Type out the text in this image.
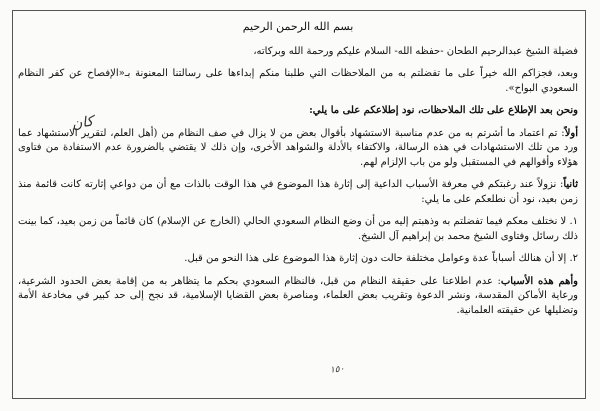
بسم الله الرحمن الرحيم
فضيلة الشيخ عبدالرحيم الطحان -حفظه الله- السلام عليكم ورحمة الله وبركاته،
وبعد، فجزاكم الله خيراً على ما تفضلتم به من الملاحظات التي طلبنا منكم إبداءها على رسالتنا المعنونة بـ«الإفصاح عن كفر النظام السعودي البواح».
ونحن بعد الإطلاع على تلك الملاحظات، نود إطلاعكم على ما يلي:
أولاً: تم اعتماد ما أشرتم به من عدم مناسبة الاستشهاد بأقوال بعض من لا يزال في صف النظام من (أهل العلم، لتقرير الاستشهاد عما ورد من تلك الاستشهادات في هذه الرسالة، والاكتفاء بالأدلة والشواهد الأخرى، وإن ذلك لا يقتضي بالضرورة عدم الاستفادة من فتاوى هؤلاء وأقوالهم في المستقبل ولو من باب الإلزام لهم.
ثانياً: نزولاً عند رغبتكم في معرفة الأسباب الداعية إلى إثارة هذا الموضوع في هذا الوقت بالذات مع أن من دواعي إثارته كانت قائمة منذ زمن بعيد، نود أن نطلعكم على ما يلي:
١. لا نختلف معكم فيما تفضلتم به وذهبتم إليه من أن وضع النظام السعودي الحالي (الخارج عن الإسلام) كان قائماً من زمن بعيد، كما بينت ذلك رسائل وفتاوى الشيخ محمد بن إبراهيم آل الشيخ.
٢. إلا أن هنالك أسباباً عدة وعوامل مختلفة حالت دون إثارة هذا الموضوع على هذا النحو من قبل.
وأهم هذه الأسباب: عدم اطلاعنا على حقيقة النظام من قبل، فالنظام السعودي بحكم ما يتظاهر به من إقامة بعض الحدود الشرعية، ورعاية الأماكن المقدسة، ونشر الدعوة وتقريب بعض العلماء، ومناصرة بعض القضايا الإسلامية، قد نجح إلى حد كبير في مخادعة الأمة وتضليلها عن حقيقته العلمانية.
كان
١٥٠
